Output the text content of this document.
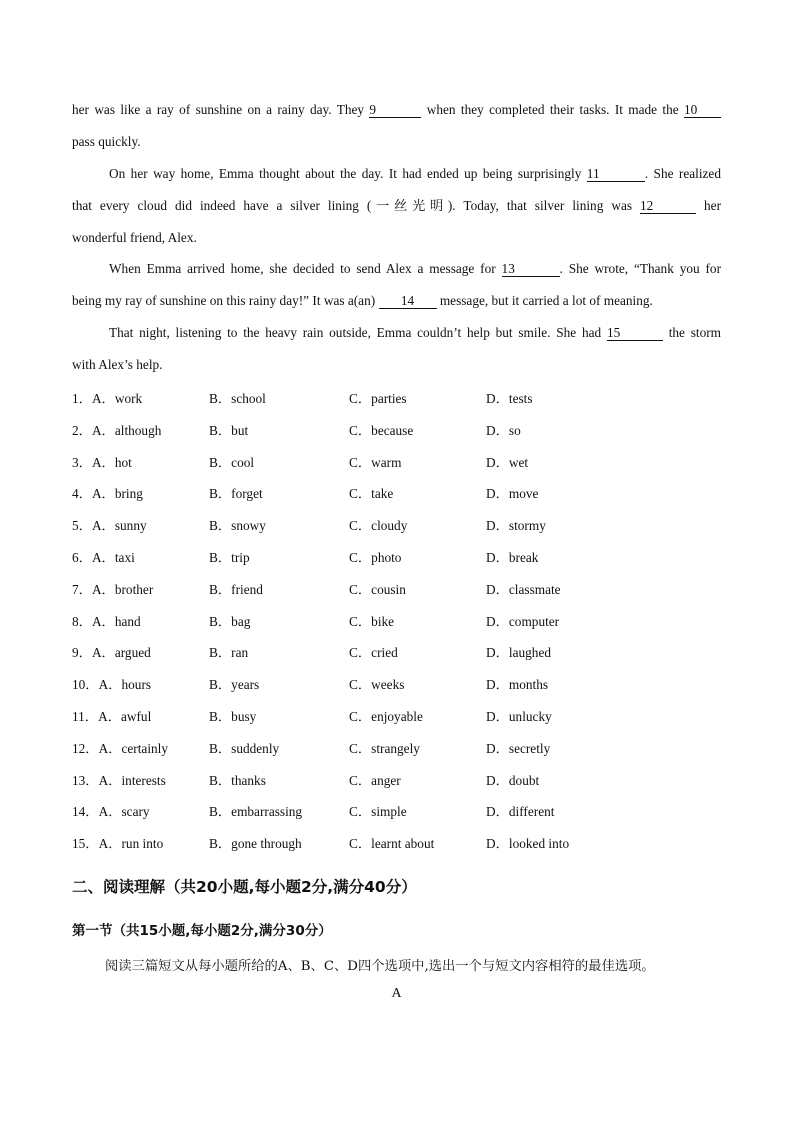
her was like a ray of sunshine on a rainy day. They 9	when they completed their tasks. It made the 10
pass quickly.
On her way home, Emma thought about the day. It had ended up being surprisingly 11	. She realized
that every cloud did indeed have a silver lining (一丝光明). Today, that silver lining was 12	her
wonderful friend, Alex.
When Emma arrived home, she decided to send Alex a message for 13	. She wrote, “Thank you for
being my ray of sunshine on this rainy day!” It was a(an) 14 message, but it carried a lot of meaning.
That night, listening to the heavy rain outside, Emma couldn’t help but smile. She had 15	the storm
with Alex’s help.
1．A．work	B．school	C．parties	D．tests
2．A．although	B．but	C．because	D．so
3．A．hot	B．cool	C．warm	D．wet
4．A．bring	B．forget	C．take	D．move
5．A．sunny	B．snowy	C．cloudy	D．stormy
6．A．taxi	B．trip	C．photo	D．break
7．A．brother	B．friend	C．cousin	D．classmate
8．A．hand	B．bag	C．bike	D．computer
9．A．argued	B．ran	C．cried	D．laughed
10．A．hours	B．years	C．weeks	D．months
11．A．awful	B．busy	C．enjoyable	D．unlucky
12．A．certainly	B．suddenly	C．strangely	D．secretly
13．A．interests	B．thanks	C．anger	D．doubt
14．A．scary	B．embarrassing	C．simple	D．different
15．A．run into	B．gone through	C．learnt about	D．looked into
二、阅读理解（共20小题,每小题2分,满分40分）
第一节（共15小题,每小题2分,满分30分）
阅读三篇短文从每小题所给的A、B、C、D四个选项中,选出一个与短文内容相符的最佳选项。
A
